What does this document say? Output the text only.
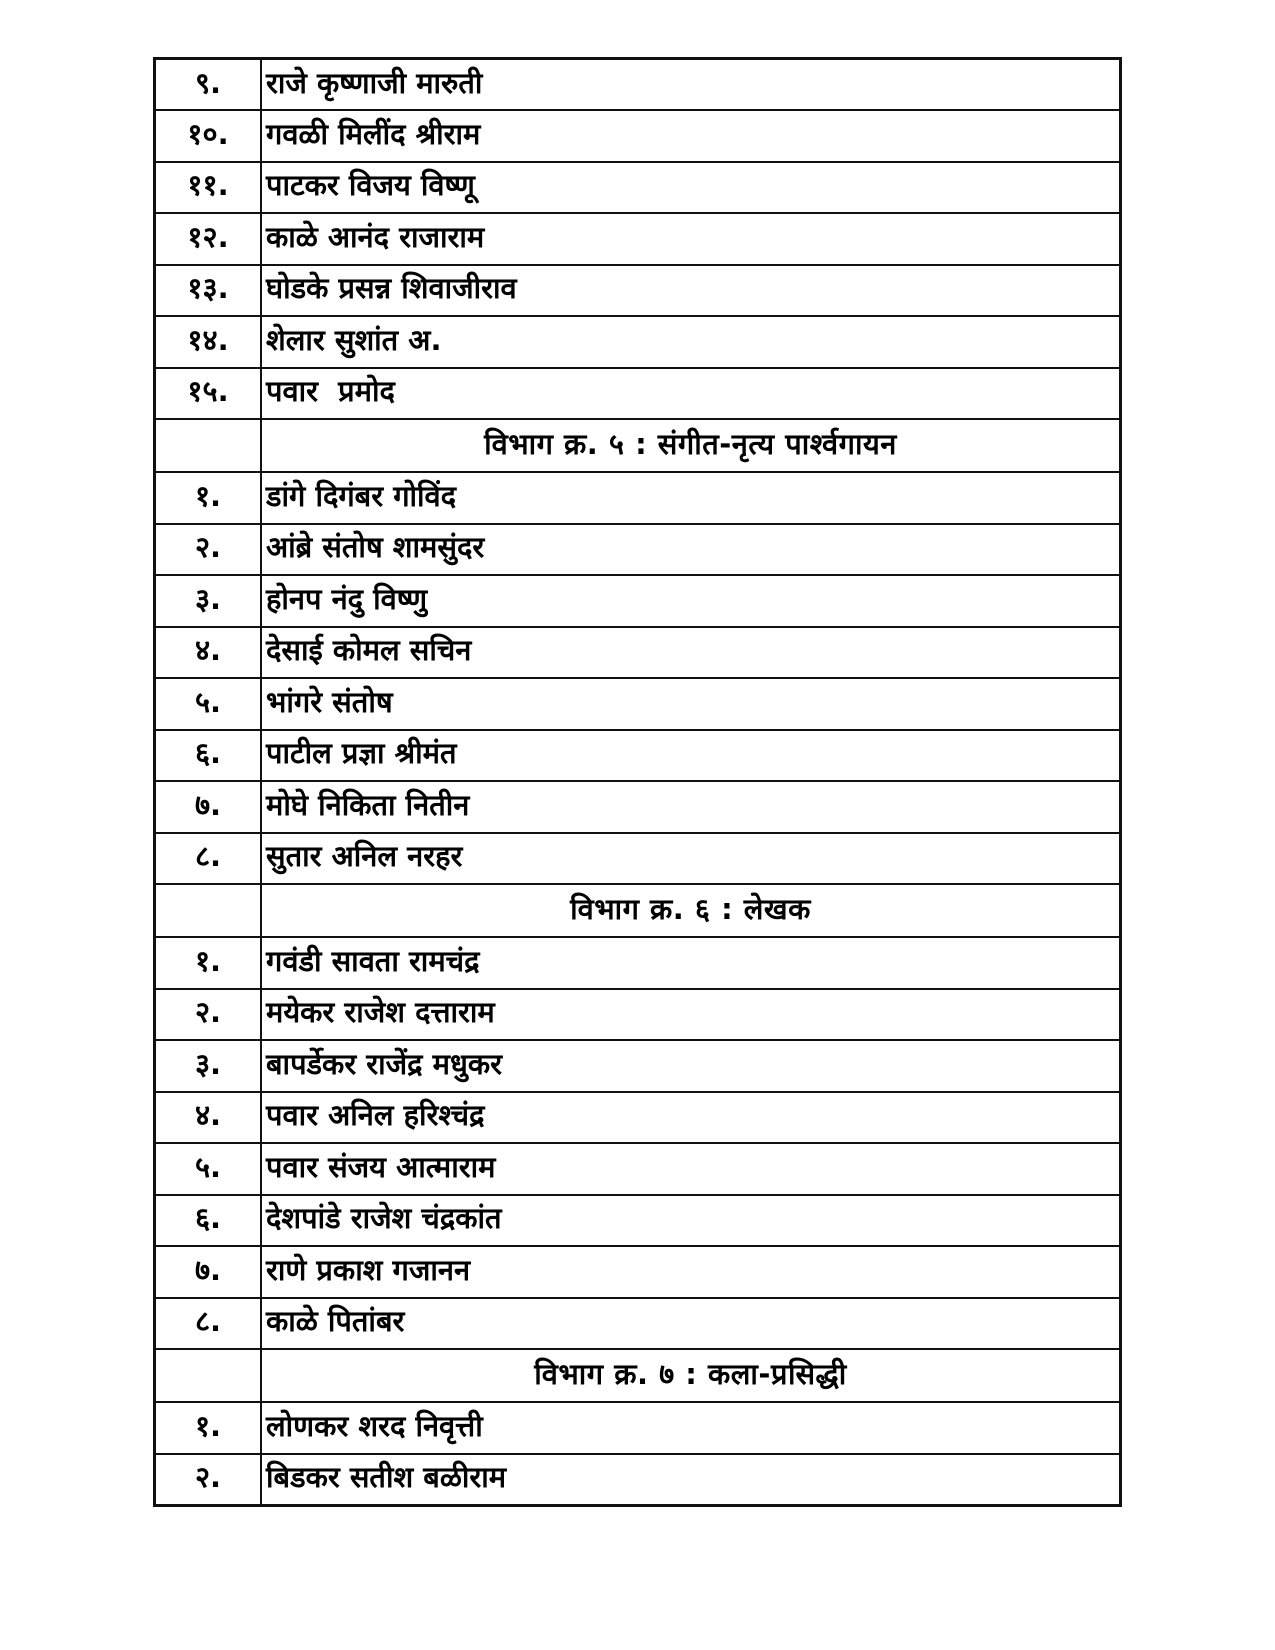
९.	राजे कृष्णाजी मारुती
१०.	गवळी मिलींद श्रीराम
११.	पाटकर विजय विष्णू
१२.	काळे आनंद राजाराम
१३.	घोडके प्रसन्न शिवाजीराव
१४.	शेलार सुशांत अ.
१५.	पवार  प्रमोद
	विभाग क्र. ५ : संगीत-नृत्य पार्श्वगायन
१.	डांगे दिगंबर गोविंद
२.	आंब्रे संतोष शामसुंदर
३.	होनप नंदु विष्णु
४.	देसाई कोमल सचिन
५.	भांगरे संतोष
६.	पाटील प्रज्ञा श्रीमंत
७.	मोघे निकिता नितीन
८.	सुतार अनिल नरहर
	विभाग क्र. ६ : लेखक
१.	गवंडी सावता रामचंद्र
२.	मयेकर राजेश दत्ताराम
३.	बापर्डेकर राजेंद्र मधुकर
४.	पवार अनिल हरिश्चंद्र
५.	पवार संजय आत्माराम
६.	देशपांडे राजेश चंद्रकांत
७.	राणे प्रकाश गजानन
८.	काळे पितांबर
	विभाग क्र. ७ : कला-प्रसिद्धी
१.	लोणकर शरद निवृत्ती
२.	बिडकर सतीश बळीराम
